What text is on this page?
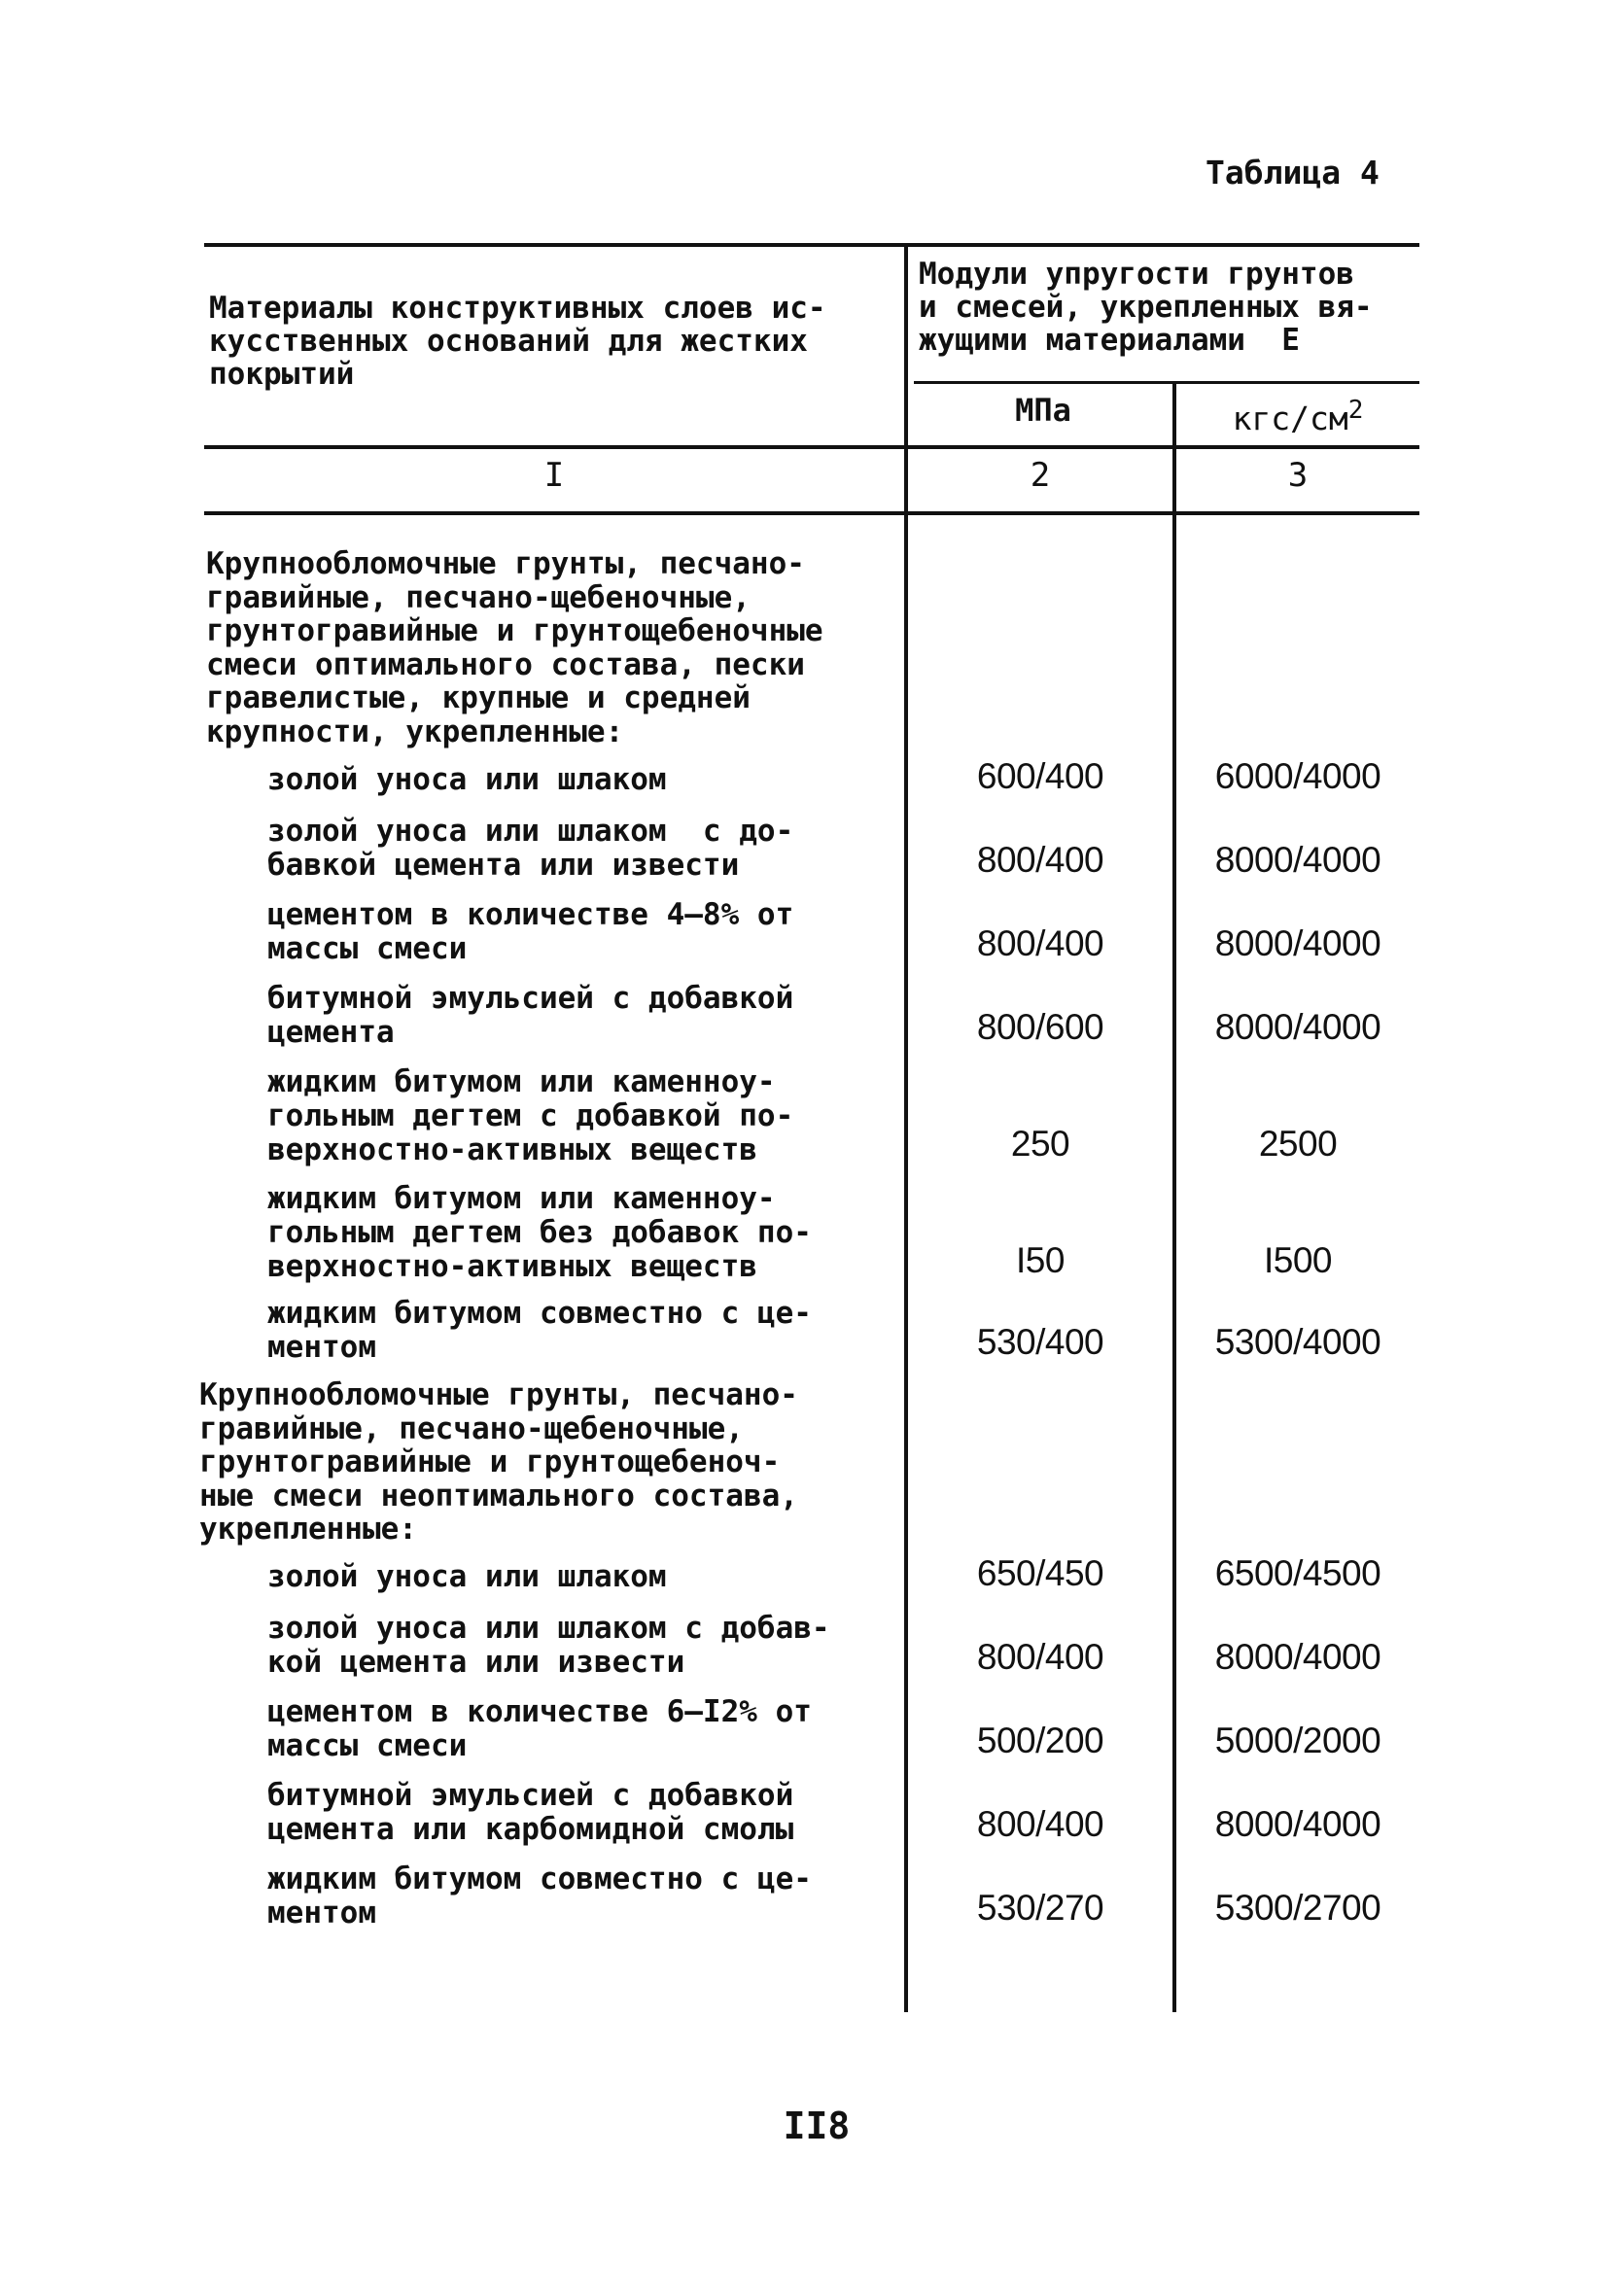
Таблица 4
Материалы конструктивных слоев ис-
кусственных оснований для жестких
покрытий
Модули упругости грунтов
и смесей, укрепленных вя-
жущими материалами  E
МПа	кгс/$см^2$
I	2	3
Крупнообломочные грунты, песчано-
гравийные, песчано-щебеночные,
грунтогравийные и грунтощебеночные
смеси оптимального состава, пески
гравелистые, крупные и средней
крупности, укрепленные:
золой уноса или шлаком	600/400	6000/4000
золой уноса или шлаком  с до-
бавкой цемента или извести	800/400	8000/4000
цементом в количестве 4–8% от
массы смеси	800/400	8000/4000
битумной эмульсией с добавкой
цемента	800/600	8000/4000
жидким битумом или каменноу-
гольным дегтем с добавкой по-
верхностно-активных веществ	250	2500
жидким битумом или каменноу-
гольным дегтем без добавок по-
верхностно-активных веществ	I50	I500
жидким битумом совместно с це-
ментом	530/400	5300/4000
Крупнообломочные грунты, песчано-
гравийные, песчано-щебеночные,
грунтогравийные и грунтощебеноч-
ные смеси неоптимального состава,
укрепленные:
золой уноса или шлаком	650/450	6500/4500
золой уноса или шлаком с добав-
кой цемента или извести	800/400	8000/4000
цементом в количестве 6–I2% от
массы смеси	500/200	5000/2000
битумной эмульсией с добавкой
цемента или карбомидной смолы	800/400	8000/4000
жидким битумом совместно с це-
ментом	530/270	5300/2700
II8
